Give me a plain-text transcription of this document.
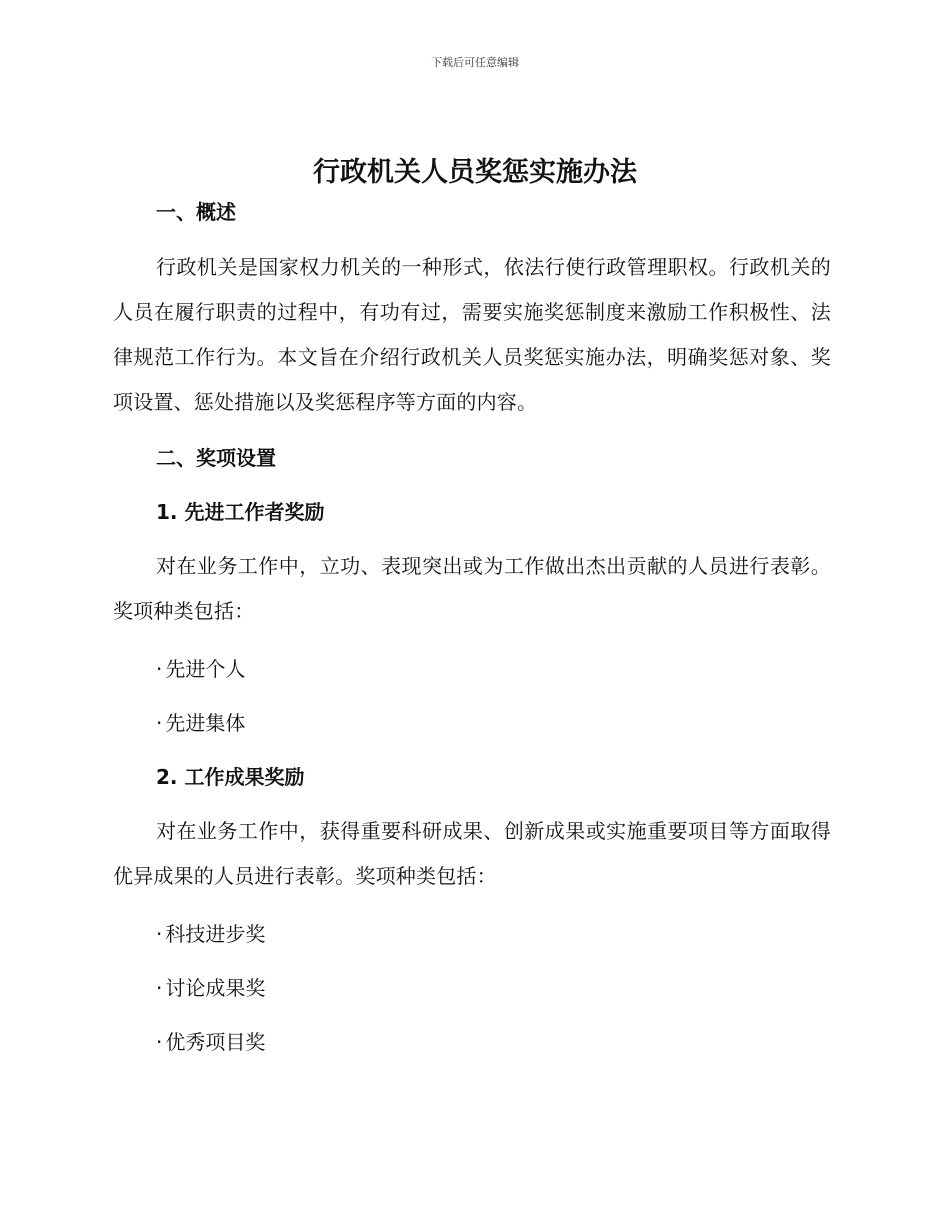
下载后可任意编辑
行政机关人员奖惩实施办法

一、概述

行政机关是国家权力机关的一种形式，依法行使行政管理职权。行政机关的人员在履行职责的过程中，有功有过，需要实施奖惩制度来激励工作积极性、法律规范工作行为。本文旨在介绍行政机关人员奖惩实施办法，明确奖惩对象、奖项设置、惩处措施以及奖惩程序等方面的内容。

二、奖项设置

1. 先进工作者奖励

对在业务工作中，立功、表现突出或为工作做出杰出贡献的人员进行表彰。奖项种类包括：

· 先进个人

· 先进集体

2. 工作成果奖励

对在业务工作中，获得重要科研成果、创新成果或实施重要项目等方面取得优异成果的人员进行表彰。奖项种类包括：

· 科技进步奖

· 讨论成果奖

· 优秀项目奖
